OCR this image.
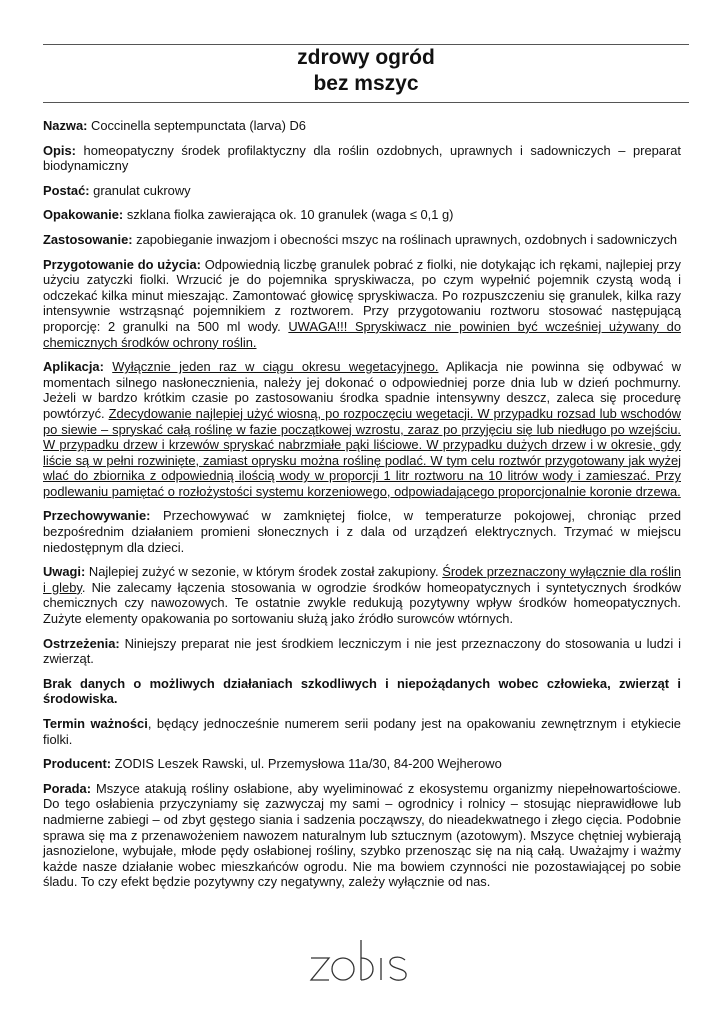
zdrowy ogród
bez mszyc

Nazwa: Coccinella septempunctata (larva) D6

Opis: homeopatyczny środek profilaktyczny dla roślin ozdobnych, uprawnych i sadowniczych – preparat biodynamiczny

Postać: granulat cukrowy

Opakowanie: szklana fiolka zawierająca ok. 10 granulek (waga ≤ 0,1 g)

Zastosowanie: zapobieganie inwazjom i obecności mszyc na roślinach uprawnych, ozdobnych i sadowniczych

Przygotowanie do użycia: Odpowiednią liczbę granulek pobrać z fiolki, nie dotykając ich rękami, najlepiej przy użyciu zatyczki fiolki. Wrzucić je do pojemnika spryskiwacza, po czym wypełnić pojemnik czystą wodą i odczekać kilka minut mieszając. Zamontować głowicę spryskiwacza. Po rozpuszczeniu się granulek, kilka razy intensywnie wstrząsnąć pojemnikiem z roztworem. Przy przygotowaniu roztworu stosować następującą proporcję: 2 granulki na 500 ml wody. UWAGA!!! Spryskiwacz nie powinien być wcześniej używany do chemicznych środków ochrony roślin.

Aplikacja: Wyłącznie jeden raz w ciągu okresu wegetacyjnego. Aplikacja nie powinna się odbywać w momentach silnego nasłonecznienia, należy jej dokonać o odpowiedniej porze dnia lub w dzień pochmurny. Jeżeli w bardzo krótkim czasie po zastosowaniu środka spadnie intensywny deszcz, zaleca się procedurę powtórzyć. Zdecydowanie najlepiej użyć wiosną, po rozpoczęciu wegetacji. W przypadku rozsad lub wschodów po siewie – spryskać całą roślinę w fazie początkowej wzrostu, zaraz po przyjęciu się lub niedługo po wzejściu. W przypadku drzew i krzewów spryskać nabrzmiałe pąki liściowe. W przypadku dużych drzew i w okresie, gdy liście są w pełni rozwinięte, zamiast oprysku można roślinę podlać. W tym celu roztwór przygotowany jak wyżej wlać do zbiornika z odpowiednią ilością wody w proporcji 1 litr roztworu na 10 litrów wody i zamieszać. Przy podlewaniu pamiętać o rozłożystości systemu korzeniowego, odpowiadającego proporcjonalnie koronie drzewa.

Przechowywanie: Przechowywać w zamkniętej fiolce, w temperaturze pokojowej, chroniąc przed bezpośrednim działaniem promieni słonecznych i z dala od urządzeń elektrycznych. Trzymać w miejscu niedostępnym dla dzieci.

Uwagi: Najlepiej zużyć w sezonie, w którym środek został zakupiony. Środek przeznaczony wyłącznie dla roślin i gleby. Nie zalecamy łączenia stosowania w ogrodzie środków homeopatycznych i syntetycznych środków chemicznych czy nawozowych. Te ostatnie zwykle redukują pozytywny wpływ środków homeopatycznych. Zużyte elementy opakowania po sortowaniu służą jako źródło surowców wtórnych.

Ostrzeżenia: Niniejszy preparat nie jest środkiem leczniczym i nie jest przeznaczony do stosowania u ludzi i zwierząt.

Brak danych o możliwych działaniach szkodliwych i niepożądanych wobec człowieka, zwierząt i środowiska.

Termin ważności, będący jednocześnie numerem serii podany jest na opakowaniu zewnętrznym i etykiecie fiolki.

Producent: ZODIS Leszek Rawski, ul. Przemysłowa 11a/30, 84-200 Wejherowo

Porada: Mszyce atakują rośliny osłabione, aby wyeliminować z ekosystemu organizmy niepełnowartościowe. Do tego osłabienia przyczyniamy się zazwyczaj my sami – ogrodnicy i rolnicy – stosując nieprawidłowe lub nadmierne zabiegi – od zbyt gęstego siania i sadzenia począwszy, do nieadekwatnego i złego cięcia. Podobnie sprawa się ma z przenawożeniem nawozem naturalnym lub sztucznym (azotowym). Mszyce chętniej wybierają jasnozielone, wybujałe, młode pędy osłabionej rośliny, szybko przenosząc się na nią całą. Uważajmy i ważmy każde nasze działanie wobec mieszkańców ogrodu. Nie ma bowiem czynności nie pozostawiającej po sobie śladu. To czy efekt będzie pozytywny czy negatywny, zależy wyłącznie od nas.
